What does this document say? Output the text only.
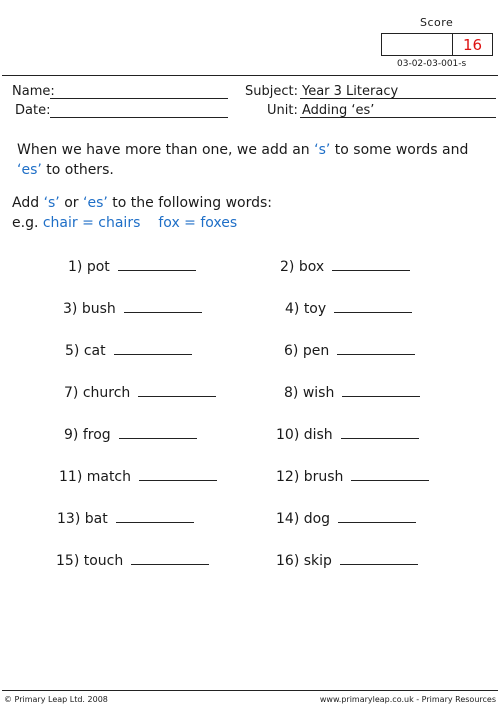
Score
16
03-02-03-001-s
Name:
Date:
Subject: Year 3 Literacy
Unit: Adding ‘es’
When we have more than one, we add an ‘s’ to some words and ‘es’ to others.
Add ‘s’ or ‘es’ to the following words:
e.g. chair = chairs fox = foxes
1) pot
3) bush
5) cat
7) church
9) frog
11) match
13) bat
15) touch
2) box
4) toy
6) pen
8) wish
10) dish
12) brush
14) dog
16) skip
© Primary Leap Ltd. 2008	www.primaryleap.co.uk - Primary Resources
